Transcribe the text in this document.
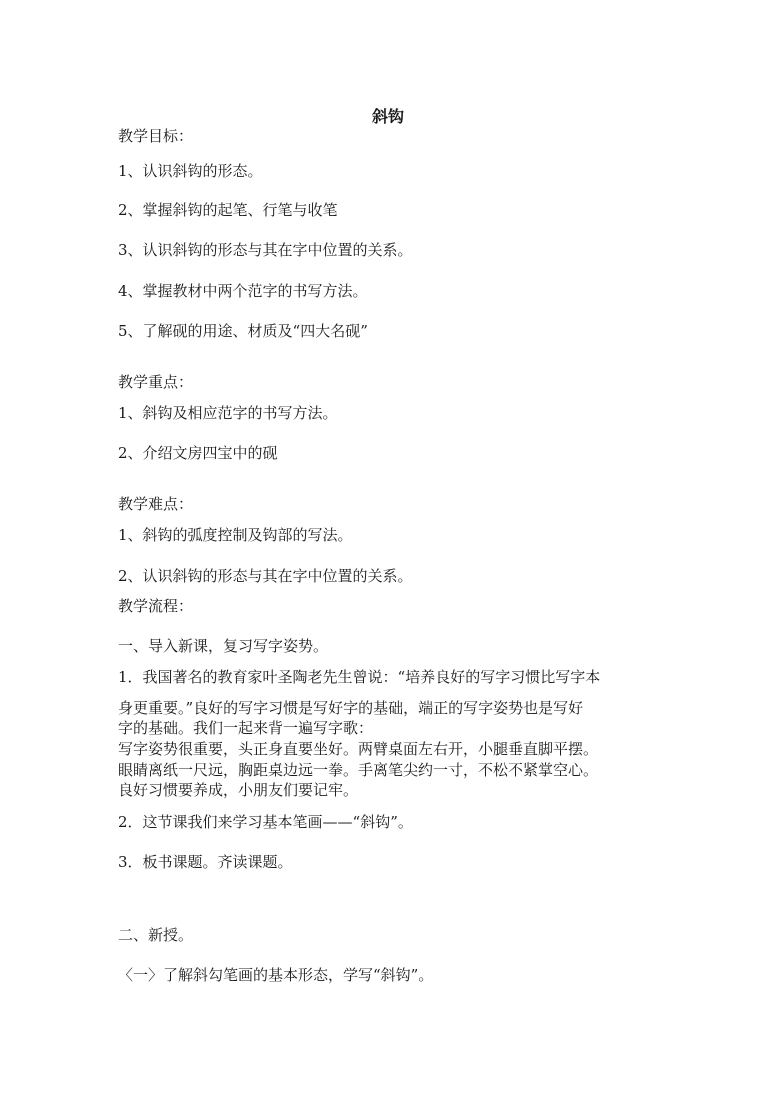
斜钩
教学目标：
1、认识斜钩的形态。
2、掌握斜钩的起笔、行笔与收笔
3、认识斜钩的形态与其在字中位置的关系。
4、掌握教材中两个范字的书写方法。
5、了解砚的用途、材质及“四大名砚”
教学重点：
1、斜钩及相应范字的书写方法。
2、介绍文房四宝中的砚
教学难点：
1、斜钩的弧度控制及钩部的写法。
2、认识斜钩的形态与其在字中位置的关系。
教学流程：
一、导入新课，复习写字姿势。
1．我国著名的教育家叶圣陶老先生曾说：“培养良好的写字习惯比写字本
身更重要。”良好的写字习惯是写好字的基础，端正的写字姿势也是写好
字的基础。我们一起来背一遍写字歌：
写字姿势很重要，头正身直要坐好。两臂桌面左右开，小腿垂直脚平摆。
眼睛离纸一尺远，胸距桌边远一拳。手离笔尖约一寸，不松不紧掌空心。
良好习惯要养成，小朋友们要记牢。
2．这节课我们来学习基本笔画——“斜钩”。
3．板书课题。齐读课题。
二、新授。
〈一〉了解斜勾笔画的基本形态，学写“斜钩”。
